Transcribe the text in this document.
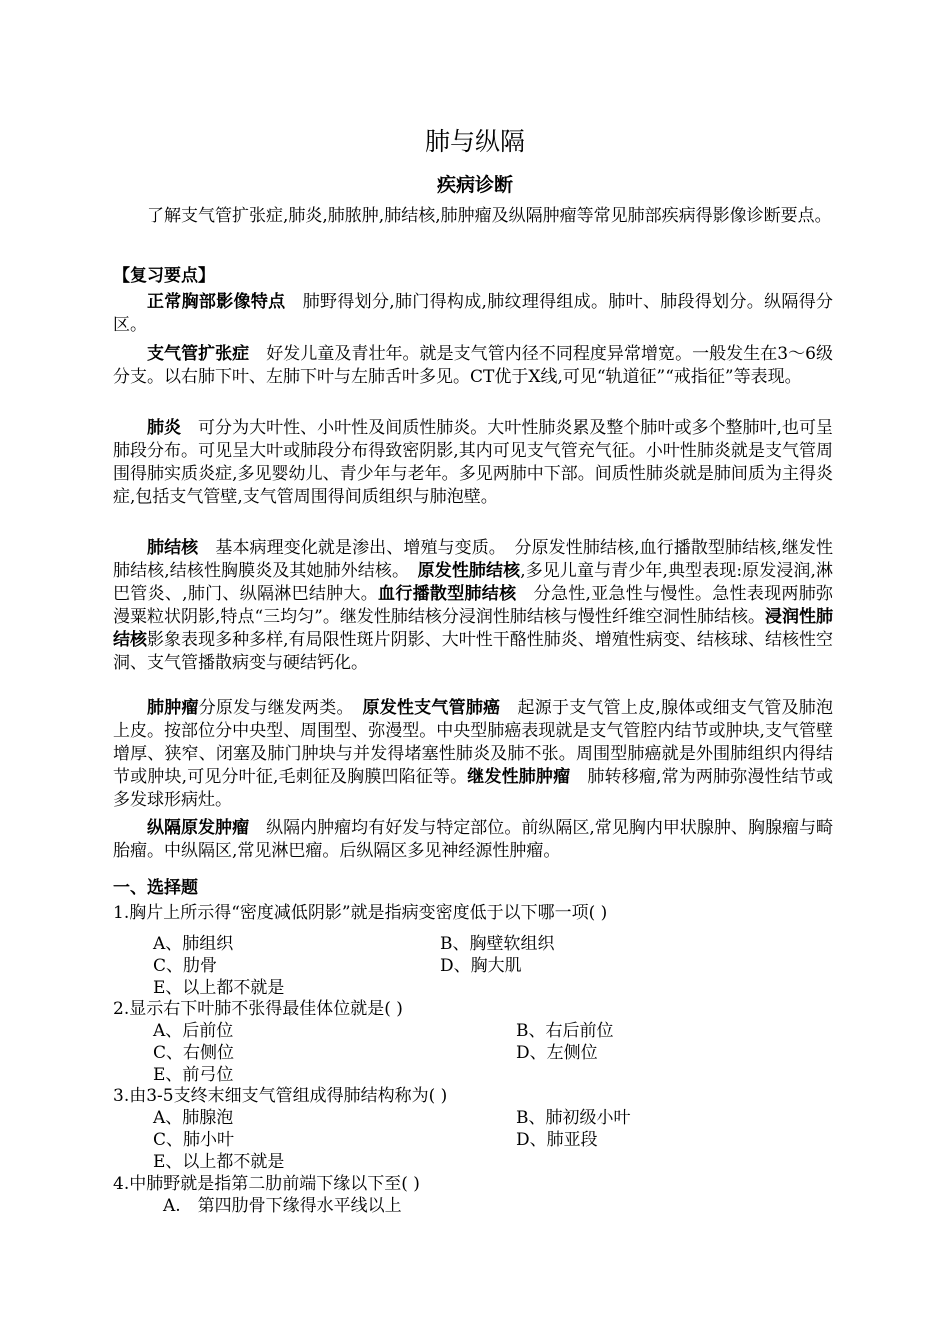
肺与纵隔
疾病诊断
了解支气管扩张症,肺炎,肺脓肿,肺结核,肺肿瘤及纵隔肿瘤等常见肺部疾病得影像诊断要点。
【复习要点】
正常胸部影像特点　肺野得划分,肺门得构成,肺纹理得组成。肺叶、肺段得划分。纵隔得分区。
支气管扩张症　好发儿童及青壮年。就是支气管内径不同程度异常增宽。一般发生在3～6级分支。以右肺下叶、左肺下叶与左肺舌叶多见。CT优于X线,可见“轨道征”“戒指征”等表现。
肺炎　可分为大叶性、小叶性及间质性肺炎。大叶性肺炎累及整个肺叶或多个整肺叶,也可呈肺段分布。可见呈大叶或肺段分布得致密阴影,其内可见支气管充气征。小叶性肺炎就是支气管周围得肺实质炎症,多见婴幼儿、青少年与老年。多见两肺中下部。间质性肺炎就是肺间质为主得炎症,包括支气管壁,支气管周围得间质组织与肺泡壁。
肺结核　基本病理变化就是渗出、增殖与变质。　分原发性肺结核,血行播散型肺结核,继发性肺结核,结核性胸膜炎及其她肺外结核。　原发性肺结核,多见儿童与青少年,典型表现:原发浸润,淋巴管炎、,肺门、纵隔淋巴结肿大。血行播散型肺结核　分急性,亚急性与慢性。急性表现两肺弥漫粟粒状阴影,特点“三均匀”。继发性肺结核分浸润性肺结核与慢性纤维空洞性肺结核。浸润性肺结核影象表现多种多样,有局限性斑片阴影、大叶性干酪性肺炎、增殖性病变、结核球、结核性空洞、支气管播散病变与硬结钙化。
肺肿瘤分原发与继发两类。　原发性支气管肺癌　起源于支气管上皮,腺体或细支气管及肺泡上皮。按部位分中央型、周围型、弥漫型。中央型肺癌表现就是支气管腔内结节或肿块,支气管壁增厚、狭窄、闭塞及肺门肿块与并发得堵塞性肺炎及肺不张。周围型肺癌就是外围肺组织内得结节或肿块,可见分叶征,毛刺征及胸膜凹陷征等。继发性肺肿瘤　肺转移瘤,常为两肺弥漫性结节或多发球形病灶。
纵隔原发肿瘤　纵隔内肿瘤均有好发与特定部位。前纵隔区,常见胸内甲状腺肿、胸腺瘤与畸胎瘤。中纵隔区,常见淋巴瘤。后纵隔区多见神经源性肿瘤。
一、选择题
1.胸片上所示得“密度减低阴影”就是指病变密度低于以下哪一项( )
A、肺组织	B、胸壁软组织
C、肋骨	D、胸大肌
E、以上都不就是
2.显示右下叶肺不张得最佳体位就是( )
A、后前位	B、右后前位
C、右侧位	D、左侧位
E、前弓位
3.由3-5支终末细支气管组成得肺结构称为( )
A、肺腺泡	B、肺初级小叶
C、肺小叶	D、肺亚段
E、以上都不就是
4.中肺野就是指第二肋前端下缘以下至( )
A.　第四肋骨下缘得水平线以上
